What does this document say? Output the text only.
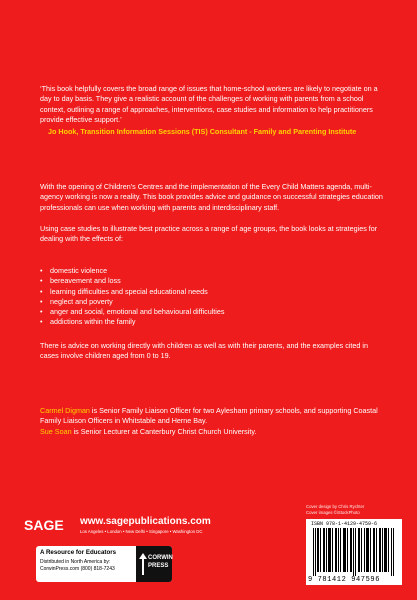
‘This book helpfully covers the broad range of issues that home-school workers are likely to negotiate on a day to day basis. They give a realistic account of the challenges of working with parents from a school context, outlining a range of approaches, interventions, case studies and information to help practitioners provide effective support.’
Jo Hook, Transition Information Sessions (TIS) Consultant - Family and Parenting Institute
With the opening of Children’s Centres and the implementation of the Every Child Matters agenda, multi-agency working is now a reality. This book provides advice and guidance on successful strategies education professionals can use when working with parents and interdisciplinary staff.
Using case studies to illustrate best practice across a range of age groups, the book looks at strategies for dealing with the effects of:
• domestic violence
• bereavement and loss
• learning difficulties and special educational needs
• neglect and poverty
• anger and social, emotional and behavioural difficulties
• addictions within the family
There is advice on working directly with children as well as with their parents, and the examples cited in cases involve children aged from 0 to 19.
Carmel Digman is Senior Family Liaison Officer for two Aylesham primary schools, and supporting Coastal Family Liaison Officers in Whitstable and Herne Bay.
Sue Soan is Senior Lecturer at Canterbury Christ Church University.
Cover design by Chris Rychter
Cover images ©iStockPhoto
SAGE www.sagepublications.com
Los Angeles • London • New Delhi • Singapore • Washington DC
A Resource for Educators
Distributed in North America by:
CorwinPress.com (800) 818-7243
CORWIN
PRESS
ISBN 978-1-4129-4759-6
9 781412 947596
